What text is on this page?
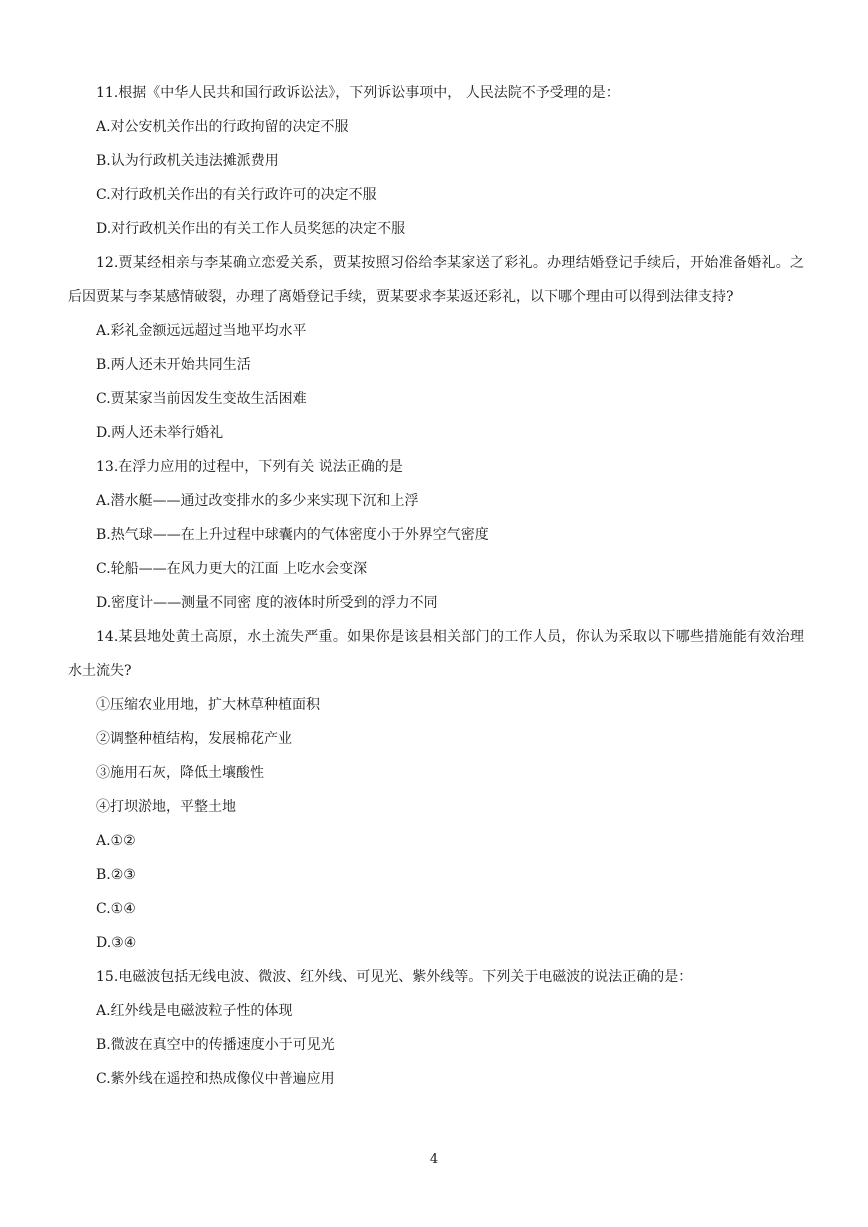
11.根据《中华人民共和国行政诉讼法》，下列诉讼事项中， 人民法院不予受理的是：
A.对公安机关作出的行政拘留的决定不服
B.认为行政机关违法摊派费用
C.对行政机关作出的有关行政许可的决定不服
D.对行政机关作出的有关工作人员奖惩的决定不服
12.贾某经相亲与李某确立恋爱关系，贾某按照习俗给李某家送了彩礼。办理结婚登记手续后，开始准备婚礼。之后因贾某与李某感情破裂，办理了离婚登记手续，贾某要求李某返还彩礼，以下哪个理由可以得到法律支持?
A.彩礼金额远远超过当地平均水平
B.两人还未开始共同生活
C.贾某家当前因发生变故生活困难
D.两人还未举行婚礼
13.在浮力应用的过程中，下列有关 说法正确的是
A.潜水艇——通过改变排水的多少来实现下沉和上浮
B.热气球——在上升过程中球囊内的气体密度小于外界空气密度
C.轮船——在风力更大的江面 上吃水会变深
D.密度计——测量不同密 度的液体时所受到的浮力不同
14.某县地处黄土高原，水土流失严重。如果你是该县相关部门的工作人员，你认为采取以下哪些措施能有效治理水土流失?
①压缩农业用地，扩大林草种植面积
②调整种植结构，发展棉花产业
③施用石灰，降低土壤酸性
④打坝淤地，平整土地
A.①②
B.②③
C.①④
D.③④
15.电磁波包括无线电波、微波、红外线、可见光、紫外线等。下列关于电磁波的说法正确的是：
A.红外线是电磁波粒子性的体现
B.微波在真空中的传播速度小于可见光
C.紫外线在遥控和热成像仪中普遍应用
4
